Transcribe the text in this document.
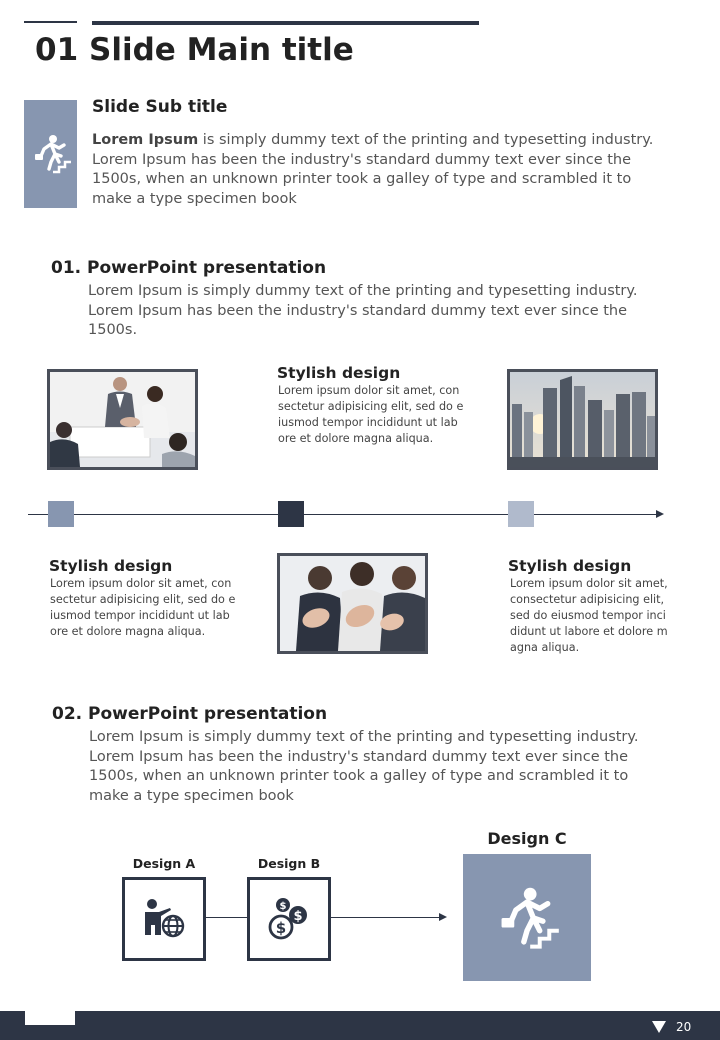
01 Slide Main title
Slide Sub title
Lorem Ipsum is simply dummy text of the printing and typesetting industry. Lorem Ipsum has been the industry's standard dummy text ever since the 1500s, when an unknown printer took a galley of type and scrambled it to make a type specimen book
01. PowerPoint presentation
Lorem Ipsum is simply dummy text of the printing and typesetting industry. Lorem Ipsum has been the industry's standard dummy text ever since the 1500s.
Stylish design
Lorem ipsum dolor sit amet, consectetur adipisicing elit, sed do eiusmod tempor incididunt ut labore et dolore magna aliqua.
Stylish design
Lorem ipsum dolor sit amet, consectetur adipisicing elit, sed do eiusmod tempor incididunt ut labore et dolore magna aliqua.
Stylish design
Lorem ipsum dolor sit amet, consectetur adipisicing elit, sed do eiusmod tempor incididunt ut labore et dolore magna aliqua.
02. PowerPoint presentation
Lorem Ipsum is simply dummy text of the printing and typesetting industry. Lorem Ipsum has been the industry's standard dummy text ever since the 1500s, when an unknown printer took a galley of type and scrambled it to make a type specimen book
Design A	Design B
$
$
$
Design C
20
